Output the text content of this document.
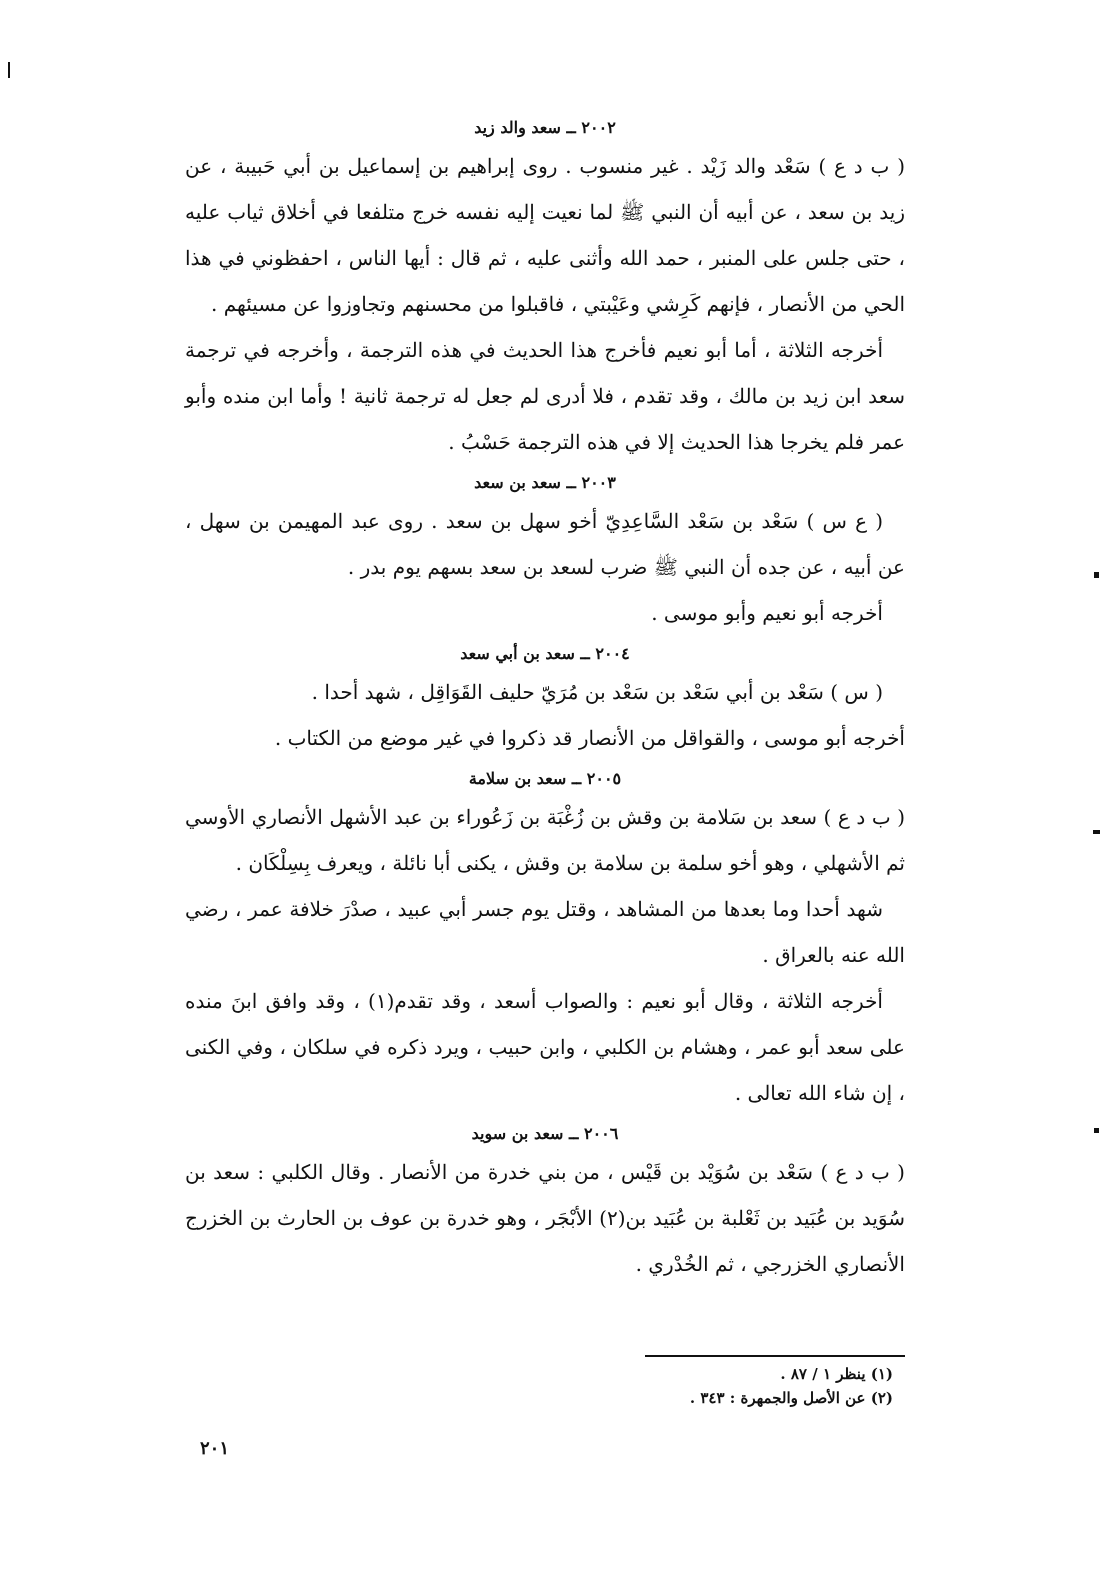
٢٠٠٢ ــ سعد والد زيد

( ب د ع ) سَعْد والد زَيْد . غير منسوب . روى إبراهيم بن إسماعيل بن أبي حَبيبة ، عن زيد بن سعد ، عن أبيه أن النبي ﷺ لما نعيت إليه نفسه خرج متلفعا في أخلاق ثياب عليه ، حتى جلس على المنبر ، حمد الله وأثنى عليه ، ثم قال : أيها الناس ، احفظوني في هذا الحي من الأنصار ، فإنهم كَرِشي وعَيْبتي ، فاقبلوا من محسنهم وتجاوزوا عن مسيئهم .

أخرجه الثلاثة ، أما أبو نعيم فأخرج هذا الحديث في هذه الترجمة ، وأخرجه في ترجمة سعد ابن زيد بن مالك ، وقد تقدم ، فلا أدرى لم جعل له ترجمة ثانية ! وأما ابن منده وأبو عمر فلم يخرجا هذا الحديث إلا في هذه الترجمة حَسْبُ .

٢٠٠٣ ــ سعد بن سعد

( ع س ) سَعْد بن سَعْد السَّاعِدِيّ أخو سهل بن سعد . روى عبد المهيمن بن سهل ، عن أبيه ، عن جده أن النبي ﷺ ضرب لسعد بن سعد بسهم يوم بدر .

أخرجه أبو نعيم وأبو موسى .

٢٠٠٤ ــ سعد بن أبي سعد

( س ) سَعْد بن أبي سَعْد بن سَعْد بن مُرَيّ حليف القَوَاقِل ، شهد أحدا .

أخرجه أبو موسى ، والقواقل من الأنصار قد ذكروا في غير موضع من الكتاب .

٢٠٠٥ ــ سعد بن سلامة

( ب د ع ) سعد بن سَلامة بن وقش بن زُغْبَة بن زَعُوراء بن عبد الأشهل الأنصاري الأوسي ثم الأشهلي ، وهو أخو سلمة بن سلامة بن وقش ، يكنى أبا نائلة ، ويعرف بِسِلْكَان .

شهد أحدا وما بعدها من المشاهد ، وقتل يوم جسر أبي عبيد ، صدْرَ خلافة عمر ، رضي الله عنه بالعراق .

أخرجه الثلاثة ، وقال أبو نعيم : والصواب أسعد ، وقد تقدم(١) ، وقد وافق ابنَ منده على سعد أبو عمر ، وهشام بن الكلبي ، وابن حبيب ، ويرد ذكره في سلكان ، وفي الكنى ، إن شاء الله تعالى .

٢٠٠٦ ــ سعد بن سويد

( ب د ع ) سَعْد بن سُوَيْد بن قَيْس ، من بني خدرة من الأنصار . وقال الكلبي : سعد بن سُوَيد بن عُبَيد بن ثَعْلبة بن عُبَيد بن(٢) الأبْجَر ، وهو خدرة بن عوف بن الحارث بن الخزرج الأنصاري الخزرجي ، ثم الخُدْري .

(١) ينظر ١ / ٨٧ .
(٢) عن الأصل والجمهرة : ٣٤٣ .
٢٠١
